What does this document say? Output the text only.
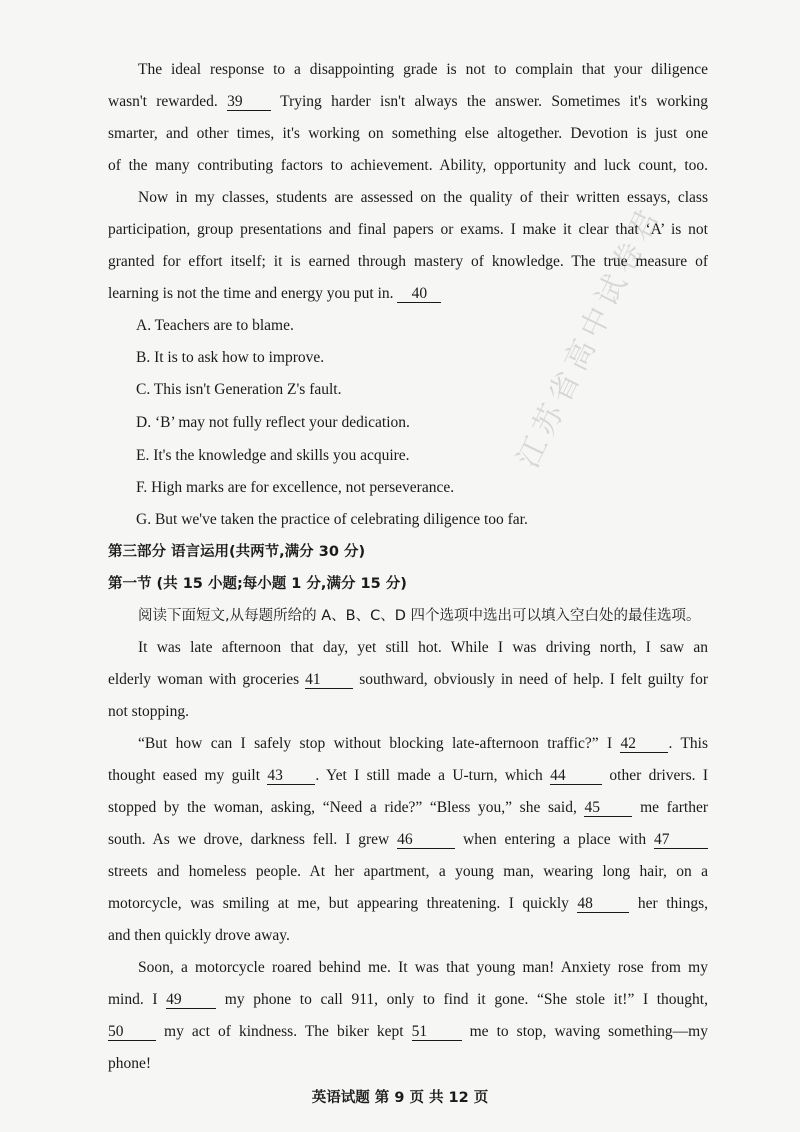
The ideal response to a disappointing grade is not to complain that your diligence
wasn't rewarded. 39 Trying harder isn't always the answer. Sometimes it's working
smarter, and other times, it's working on something else altogether. Devotion is just one
of the many contributing factors to achievement. Ability, opportunity and luck count, too.
Now in my classes, students are assessed on the quality of their written essays, class
participation, group presentations and final papers or exams. I make it clear that ‘A’ is not
granted for effort itself; it is earned through mastery of knowledge. The true measure of
learning is not the time and energy you put in. 40
A. Teachers are to blame.
B. It is to ask how to improve.
C. This isn't Generation Z's fault.
D. ‘B’ may not fully reflect your dedication.
E. It's the knowledge and skills you acquire.
F. High marks are for excellence, not perseverance.
G. But we've taken the practice of celebrating diligence too far.
第三部分 语言运用(共两节,满分 30 分)
第一节 (共 15 小题;每小题 1 分,满分 15 分)
阅读下面短文,从每题所给的 A、B、C、D 四个选项中选出可以填入空白处的最佳选项。
It was late afternoon that day, yet still hot. While I was driving north, I saw an
elderly woman with groceries 41 southward, obviously in need of help. I felt guilty for
not stopping.
“But how can I safely stop without blocking late-afternoon traffic?” I 42 . This
thought eased my guilt 43 . Yet I still made a U-turn, which 44 other drivers. I
stopped by the woman, asking, “Need a ride?” “Bless you,” she said, 45 me farther
south. As we drove, darkness fell. I grew 46	when entering a place with 47
streets and homeless people. At her apartment, a young man, wearing long hair, on a
motorcycle, was smiling at me, but appearing threatening. I quickly 48 her things,
and then quickly drove away.
Soon, a motorcycle roared behind me. It was that young man! Anxiety rose from my
mind. I 49 my phone to call 911, only to find it gone. “She stole it!” I thought,
50 my act of kindness. The biker kept 51 me to stop, waving something—my
phone!
英语试题 第 9 页 共 12 页
江苏省高中试卷君
